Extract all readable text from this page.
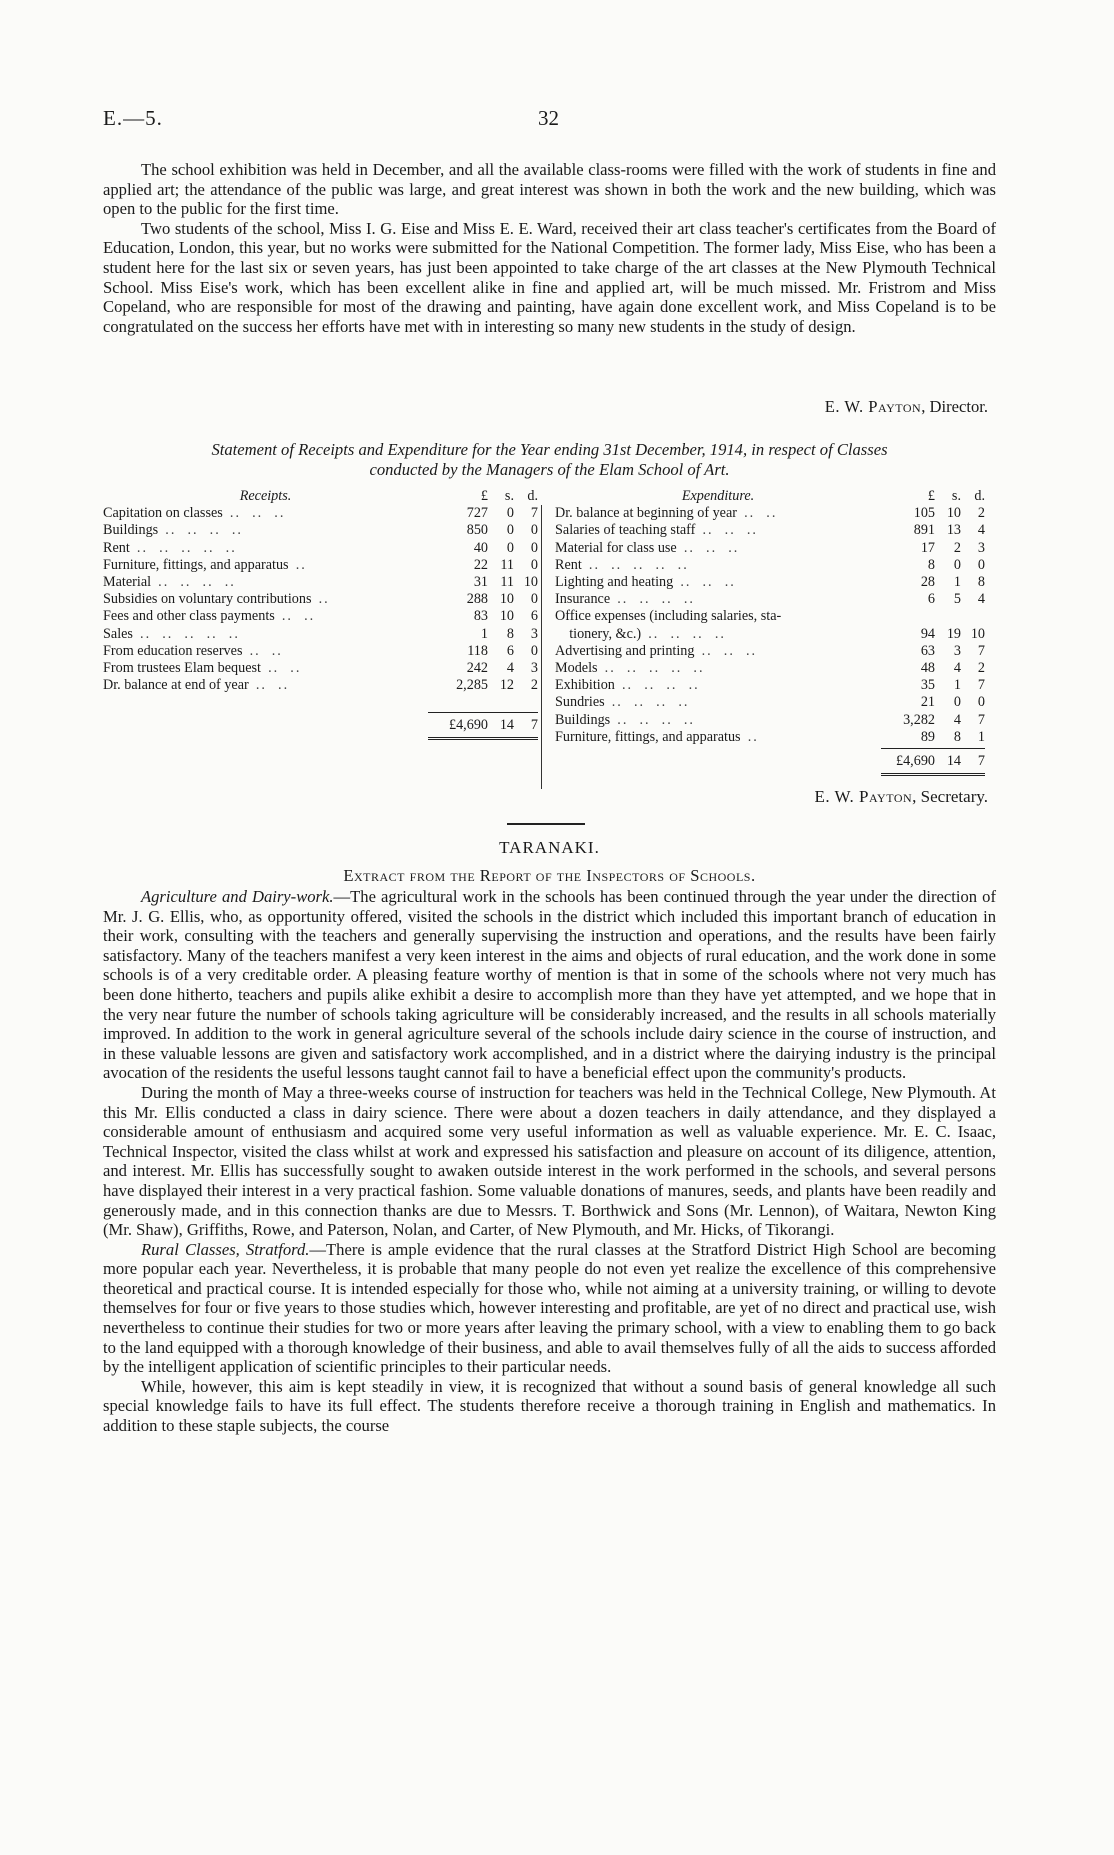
E.—5.	32

The school exhibition was held in December, and all the available class-rooms were filled with the work of students in fine and applied art; the attendance of the public was large, and great interest was shown in both the work and the new building, which was open to the public for the first time.

Two students of the school, Miss I. G. Eise and Miss E. E. Ward, received their art class teacher's certificates from the Board of Education, London, this year, but no works were submitted for the National Competition. The former lady, Miss Eise, who has been a student here for the last six or seven years, has just been appointed to take charge of the art classes at the New Plymouth Technical School. Miss Eise's work, which has been excellent alike in fine and applied art, will be much missed. Mr. Fristrom and Miss Copeland, who are responsible for most of the drawing and painting, have again done excellent work, and Miss Copeland is to be congratulated on the success her efforts have met with in interesting so many new students in the study of design.

E. W. Payton, Director.
Statement of Receipts and Expenditure for the Year ending 31st December, 1914, in respect of Classes
conducted by the Managers of the Elam School of Art.
Receipts.	£	s.	d.
Capitation on classes ..  ..  ..	727	0	7
Buildings ..  ..  ..  ..	850	0	0
Rent ..  ..  ..  ..  ..	40	0	0
Furniture, fittings, and apparatus ..	22	11	0
Material ..  ..  ..  ..	31	11	10
Subsidies on voluntary contributions ..	288	10	0
Fees and other class payments ..  ..	83	10	6
Sales ..  ..  ..  ..  ..	1	8	3
From education reserves ..  ..	118	6	0
From trustees Elam bequest ..  ..	242	4	3
Dr. balance at end of year ..  ..	2,285	12	2

	£4,690	14	7

Expenditure.	£	s.	d.
Dr. balance at beginning of year ..  ..	105	10	2
Salaries of teaching staff ..  ..  ..	891	13	4
Material for class use ..  ..  ..	17	2	3
Rent ..  ..  ..  ..  ..	8	0	0
Lighting and heating ..  ..  ..	28	1	8
Insurance ..  ..  ..  ..	6	5	4
Office expenses (including salaries, sta-			
tionery, &c.) ..  ..  ..  ..	94	19	10
Advertising and printing ..  ..  ..	63	3	7
Models ..  ..  ..  ..  ..	48	4	2
Exhibition ..  ..  ..  ..	35	1	7
Sundries ..  ..  ..  ..	21	0	0
Buildings ..  ..  ..  ..	3,282	4	7
Furniture, fittings, and apparatus ..	89	8	1

	£4,690	14	7

E. W. Payton, Secretary.
TARANAKI.
Extract from the Report of the Inspectors of Schools.

Agriculture and Dairy-work.—The agricultural work in the schools has been continued through the year under the direction of Mr. J. G. Ellis, who, as opportunity offered, visited the schools in the district which included this important branch of education in their work, consulting with the teachers and generally supervising the instruction and operations, and the results have been fairly satisfactory. Many of the teachers manifest a very keen interest in the aims and objects of rural education, and the work done in some schools is of a very creditable order. A pleasing feature worthy of mention is that in some of the schools where not very much has been done hitherto, teachers and pupils alike exhibit a desire to accomplish more than they have yet attempted, and we hope that in the very near future the number of schools taking agriculture will be considerably increased, and the results in all schools materially improved. In addition to the work in general agriculture several of the schools include dairy science in the course of instruction, and in these valuable lessons are given and satisfactory work accomplished, and in a district where the dairying industry is the principal avocation of the residents the useful lessons taught cannot fail to have a beneficial effect upon the community's products.

During the month of May a three-weeks course of instruction for teachers was held in the Technical College, New Plymouth. At this Mr. Ellis conducted a class in dairy science. There were about a dozen teachers in daily attendance, and they displayed a considerable amount of enthusiasm and acquired some very useful information as well as valuable experience. Mr. E. C. Isaac, Technical Inspector, visited the class whilst at work and expressed his satisfaction and pleasure on account of its diligence, attention, and interest. Mr. Ellis has successfully sought to awaken outside interest in the work performed in the schools, and several persons have displayed their interest in a very practical fashion. Some valuable donations of manures, seeds, and plants have been readily and generously made, and in this connection thanks are due to Messrs. T. Borthwick and Sons (Mr. Lennon), of Waitara, Newton King (Mr. Shaw), Griffiths, Rowe, and Paterson, Nolan, and Carter, of New Plymouth, and Mr. Hicks, of Tikorangi.

Rural Classes, Stratford.—There is ample evidence that the rural classes at the Stratford District High School are becoming more popular each year. Nevertheless, it is probable that many people do not even yet realize the excellence of this comprehensive theoretical and practical course. It is intended especially for those who, while not aiming at a university training, or willing to devote themselves for four or five years to those studies which, however interesting and profitable, are yet of no direct and practical use, wish nevertheless to continue their studies for two or more years after leaving the primary school, with a view to enabling them to go back to the land equipped with a thorough knowledge of their business, and able to avail themselves fully of all the aids to success afforded by the intelligent application of scientific principles to their particular needs.

While, however, this aim is kept steadily in view, it is recognized that without a sound basis of general knowledge all such special knowledge fails to have its full effect. The students therefore receive a thorough training in English and mathematics. In addition to these staple subjects, the course
